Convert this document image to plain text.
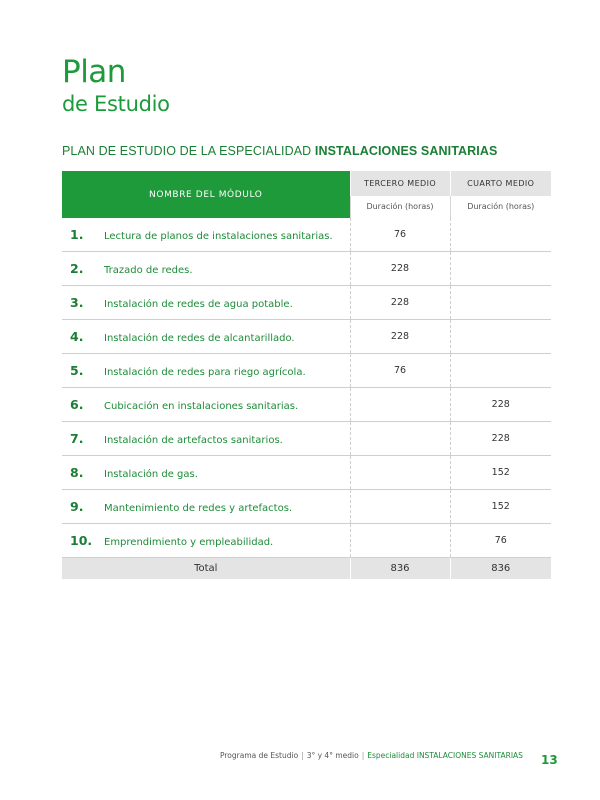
Plan
de Estudio
PLAN DE ESTUDIO DE LA ESPECIALIDAD INSTALACIONES SANITARIAS
NOMBRE DEL MÓDULO	TERCERO MEDIO	CUARTO MEDIO
	Duración (horas)	Duración (horas)
1. Lectura de planos de instalaciones sanitarias.	76	
2. Trazado de redes.	228	
3. Instalación de redes de agua potable.	228	
4. Instalación de redes de alcantarillado.	228	
5. Instalación de redes para riego agrícola.	76	
6. Cubicación en instalaciones sanitarias.		228
7. Instalación de artefactos sanitarios.		228
8. Instalación de gas.		152
9. Mantenimiento de redes y artefactos.		152
10. Emprendimiento y empleabilidad.		76
Total	836	836
Programa de Estudio | 3° y 4° medio | Especialidad INSTALACIONES SANITARIAS	13
